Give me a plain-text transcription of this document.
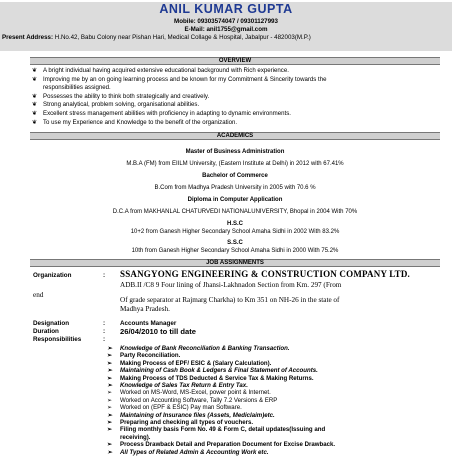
ANIL KUMAR GUPTA
Mobile: 09303574047 / 09301127993
E-Mail: anil1755@gmail.com
Present Address: H.No.42, Babu Colony near Pishan Hari, Medical Collage & Hospital, Jabalpur - 482003(M.P.)
OVERVIEW
❦ A bright individual having acquired extensive educational background with Rich experience.
❦ Improving me by an on going learning process and be known for my Commitment & Sincerity towards the
responsibilities assigned.
❦ Possesses the ability to think both strategically and creatively.
❦ Strong analytical, problem solving, organisational abilities.
❦ Excellent stress management abilities with proficiency in adapting to dynamic environments.
❦ To use my Experience and Knowledge to the benefit of the organization.
ACADEMICS
Master of Business Administration
M.B.A (FM) from EIILM University, (Eastern Institute at Delhi) in 2012 with 67.41%
Bachelor of Commerce
B.Com from Madhya Pradesh University in 2005 with 70.6 %
Diploma in Computer Application
D.C.A from MAKHANLAL CHATURVEDI NATIONALUNIVERSITY, Bhopal in 2004 With 70%
H.S.C
10+2 from Ganesh Higher Secondary School Amaha Sidhi in 2002 With 83.2%
S.S.C
10th from Ganesh Higher Secondary School Amaha Sidhi in 2000 With 75.2%
JOB ASSIGNMENTS
Organization	: SSANGYONG ENGINEERING & CONSTRUCTION COMPANY LTD.
ADB.II /C8 9 Four lining of Jhansi-Lakhnadon Section from Km. 297 (From
end
Of grade separator at Rajmarg Charkha) to Km 351 on NH-26 in the state of
Madhya Pradesh.
Designation	: Accounts Manager
Duration	: 26/04/2010 to till date
Responsibilities	:
➢ Knowledge of Bank Reconciliation & Banking Transaction.
➢ Party Reconciliation.
➢ Making Process of EPF/ ESIC & (Salary Calculation).
➢ Maintaining of Cash Book & Ledgers & Final Statement of Accounts.
➢ Making Process of TDS Deducted & Service Tax & Making Returns.
➢ Knowledge of Sales Tax Return & Entry Tax.
➢ Worked on MS-Word, MS-Excel, power point & Internet.
➢ Worked on Accounting Software, Tally 7.2 Versions & ERP
➢ Worked on (EPF & ESIC) Pay man Software.
➢ Maintaining of Insurance files (Assets, Mediclaim)etc.
➢ Preparing and checking all types of vouchers.
➢ Filing monthly basis Form No. 49 & Form C, detail updates(Issuing and
receiving).
➢ Process Drawback Detail and Preparation Document for Excise Drawback.
➢ All Types of Related Admin & Accounting Work etc.
